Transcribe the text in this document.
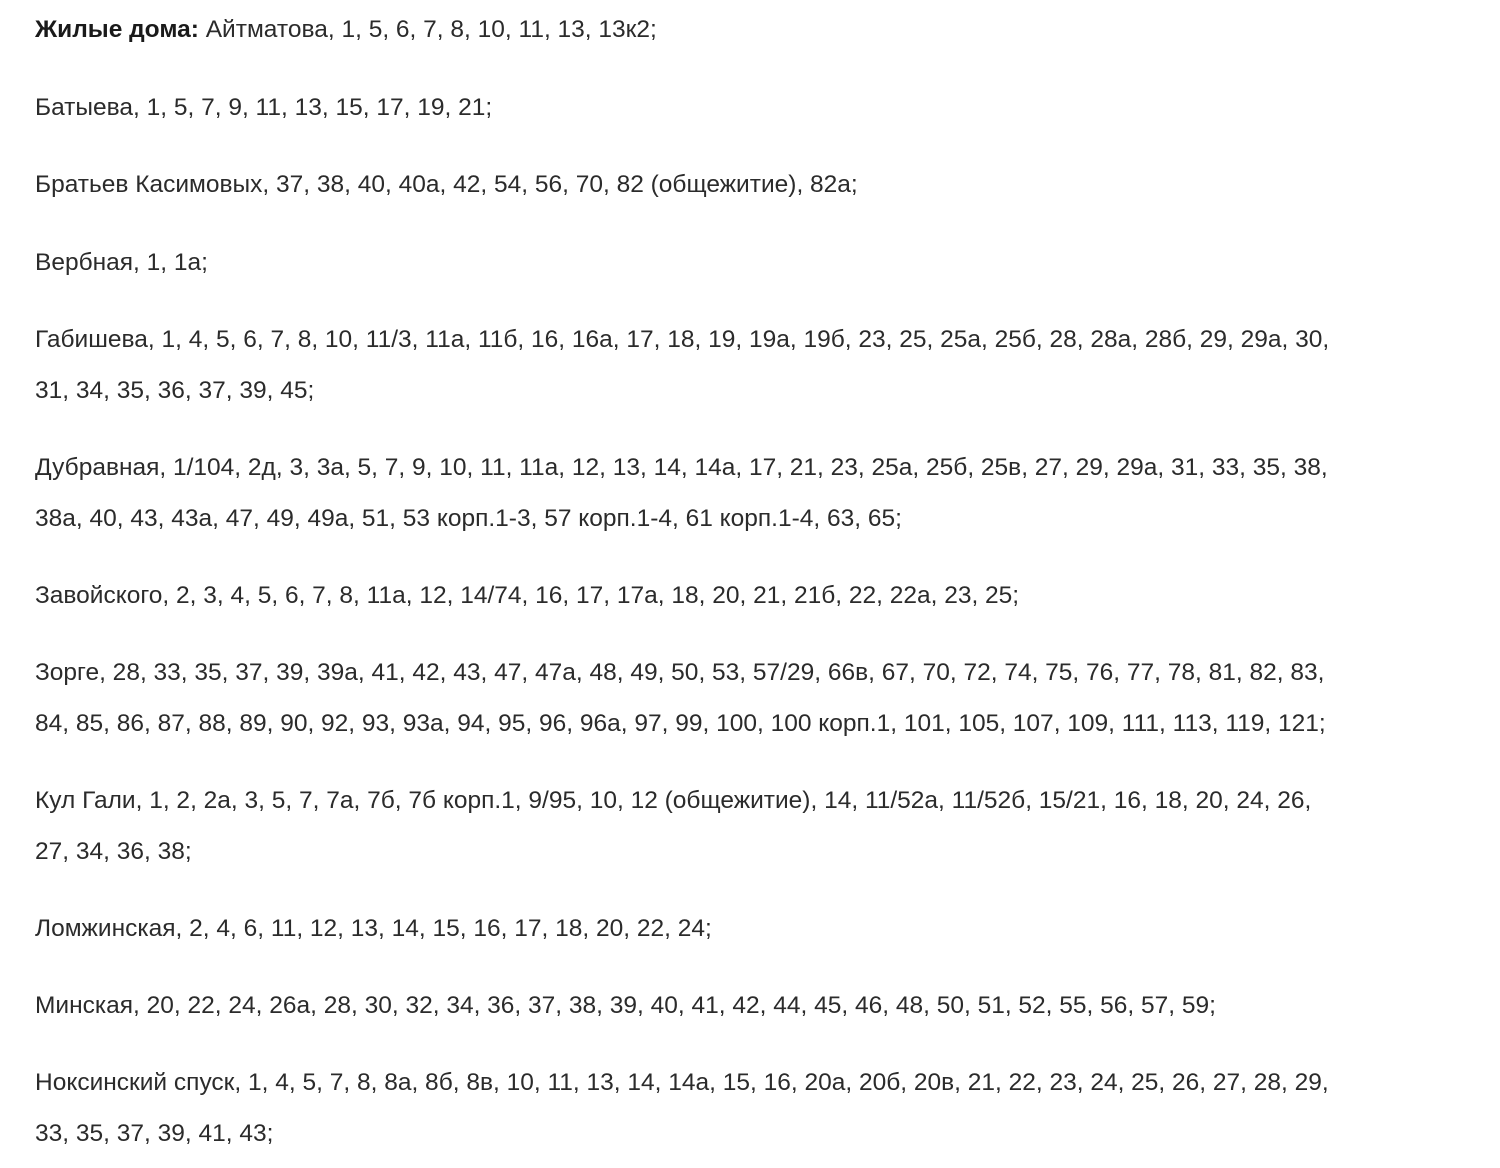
Жилые дома: Айтматова, 1, 5, 6, 7, 8, 10, 11, 13, 13к2;

Батыева, 1, 5, 7, 9, 11, 13, 15, 17, 19, 21;

Братьев Касимовых, 37, 38, 40, 40а, 42, 54, 56, 70, 82 (общежитие), 82а;

Вербная, 1, 1а;

Габишева, 1, 4, 5, 6, 7, 8, 10, 11/3, 11а, 11б, 16, 16а, 17, 18, 19, 19а, 19б, 23, 25, 25а, 25б, 28, 28а, 28б, 29, 29а, 30,
31, 34, 35, 36, 37, 39, 45;

Дубравная, 1/104, 2д, 3, 3а, 5, 7, 9, 10, 11, 11а, 12, 13, 14, 14а, 17, 21, 23, 25а, 25б, 25в, 27, 29, 29а, 31, 33, 35, 38,
38а, 40, 43, 43а, 47, 49, 49а, 51, 53 корп.1-3, 57 корп.1-4, 61 корп.1-4, 63, 65;

Завойского, 2, 3, 4, 5, 6, 7, 8, 11а, 12, 14/74, 16, 17, 17а, 18, 20, 21, 21б, 22, 22а, 23, 25;

Зорге, 28, 33, 35, 37, 39, 39а, 41, 42, 43, 47, 47а, 48, 49, 50, 53, 57/29, 66в, 67, 70, 72, 74, 75, 76, 77, 78, 81, 82, 83,
84, 85, 86, 87, 88, 89, 90, 92, 93, 93а, 94, 95, 96, 96а, 97, 99, 100, 100 корп.1, 101, 105, 107, 109, 111, 113, 119, 121;

Кул Гали, 1, 2, 2а, 3, 5, 7, 7а, 7б, 7б корп.1, 9/95, 10, 12 (общежитие), 14, 11/52а, 11/52б, 15/21, 16, 18, 20, 24, 26,
27, 34, 36, 38;

Ломжинская, 2, 4, 6, 11, 12, 13, 14, 15, 16, 17, 18, 20, 22, 24;

Минская, 20, 22, 24, 26а, 28, 30, 32, 34, 36, 37, 38, 39, 40, 41, 42, 44, 45, 46, 48, 50, 51, 52, 55, 56, 57, 59;

Ноксинский спуск, 1, 4, 5, 7, 8, 8а, 8б, 8в, 10, 11, 13, 14, 14а, 15, 16, 20а, 20б, 20в, 21, 22, 23, 24, 25, 26, 27, 28, 29,
33, 35, 37, 39, 41, 43;
